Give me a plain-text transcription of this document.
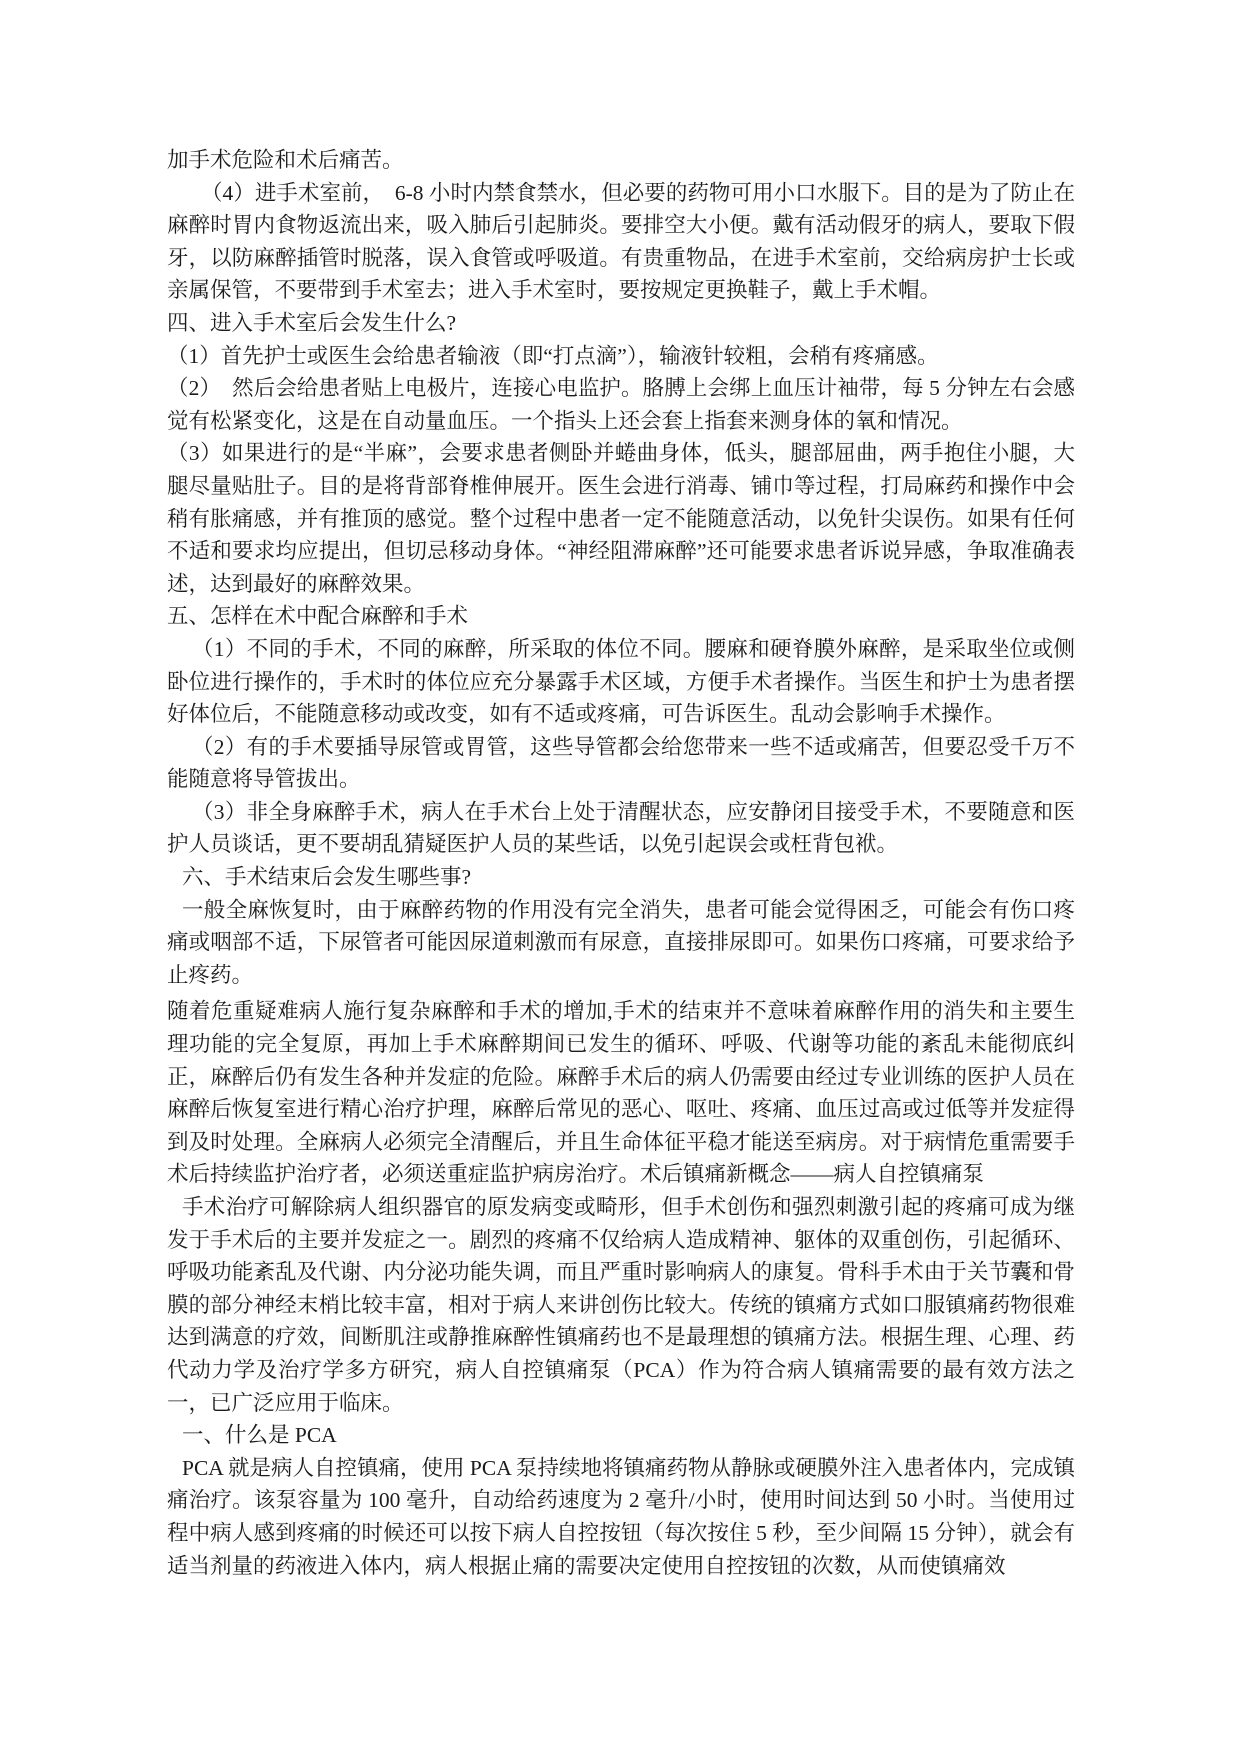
加手术危险和术后痛苦。

（4）进手术室前，　6-8 小时内禁食禁水，但必要的药物可用小口水服下。目的是为了防止在麻醉时胃内食物返流出来，吸入肺后引起肺炎。要排空大小便。戴有活动假牙的病人，要取下假牙，以防麻醉插管时脱落，误入食管或呼吸道。有贵重物品，在进手术室前，交给病房护士长或亲属保管，不要带到手术室去；进入手术室时，要按规定更换鞋子，戴上手术帽。

四、进入手术室后会发生什么?

（1）首先护士或医生会给患者输液（即“打点滴”），输液针较粗，会稍有疼痛感。

（2）　然后会给患者贴上电极片，连接心电监护。胳膊上会绑上血压计袖带，每 5 分钟左右会感觉有松紧变化，这是在自动量血压。一个指头上还会套上指套来测身体的氧和情况。

（3）如果进行的是“半麻”，会要求患者侧卧并蜷曲身体，低头，腿部屈曲，两手抱住小腿，大腿尽量贴肚子。目的是将背部脊椎伸展开。医生会进行消毒、铺巾等过程，打局麻药和操作中会稍有胀痛感，并有推顶的感觉。整个过程中患者一定不能随意活动，以免针尖误伤。如果有任何不适和要求均应提出，但切忌移动身体。“神经阻滞麻醉”还可能要求患者诉说异感，争取准确表述，达到最好的麻醉效果。

五、怎样在术中配合麻醉和手术

（1）不同的手术，不同的麻醉，所采取的体位不同。腰麻和硬脊膜外麻醉，是采取坐位或侧卧位进行操作的，手术时的体位应充分暴露手术区域，方便手术者操作。当医生和护士为患者摆好体位后，不能随意移动或改变，如有不适或疼痛，可告诉医生。乱动会影响手术操作。

（2）有的手术要插导尿管或胃管，这些导管都会给您带来一些不适或痛苦，但要忍受千万不能随意将导管拔出。

（3）非全身麻醉手术，病人在手术台上处于清醒状态，应安静闭目接受手术，不要随意和医护人员谈话，更不要胡乱猜疑医护人员的某些话，以免引起误会或枉背包袱。

六、手术结束后会发生哪些事?

一般全麻恢复时，由于麻醉药物的作用没有完全消失，患者可能会觉得困乏，可能会有伤口疼痛或咽部不适，下尿管者可能因尿道刺激而有尿意，直接排尿即可。如果伤口疼痛，可要求给予止疼药。

随着危重疑难病人施行复杂麻醉和手术的增加,手术的结束并不意味着麻醉作用的消失和主要生理功能的完全复原，再加上手术麻醉期间已发生的循环、呼吸、代谢等功能的紊乱未能彻底纠正，麻醉后仍有发生各种并发症的危险。麻醉手术后的病人仍需要由经过专业训练的医护人员在麻醉后恢复室进行精心治疗护理，麻醉后常见的恶心、呕吐、疼痛、血压过高或过低等并发症得到及时处理。全麻病人必须完全清醒后，并且生命体征平稳才能送至病房。对于病情危重需要手术后持续监护治疗者，必须送重症监护病房治疗。术后镇痛新概念——病人自控镇痛泵

手术治疗可解除病人组织器官的原发病变或畸形，但手术创伤和强烈刺激引起的疼痛可成为继发于手术后的主要并发症之一。剧烈的疼痛不仅给病人造成精神、躯体的双重创伤，引起循环、呼吸功能紊乱及代谢、内分泌功能失调，而且严重时影响病人的康复。骨科手术由于关节囊和骨膜的部分神经末梢比较丰富，相对于病人来讲创伤比较大。传统的镇痛方式如口服镇痛药物很难达到满意的疗效，间断肌注或静推麻醉性镇痛药也不是最理想的镇痛方法。根据生理、心理、药代动力学及治疗学多方研究，病人自控镇痛泵（PCA）作为符合病人镇痛需要的最有效方法之一，已广泛应用于临床。

一、什么是 PCA

PCA 就是病人自控镇痛，使用 PCA 泵持续地将镇痛药物从静脉或硬膜外注入患者体内，完成镇痛治疗。该泵容量为 100 毫升，自动给药速度为 2 毫升/小时，使用时间达到 50 小时。当使用过程中病人感到疼痛的时候还可以按下病人自控按钮（每次按住 5 秒，至少间隔 15 分钟），就会有适当剂量的药液进入体内，病人根据止痛的需要决定使用自控按钮的次数，从而使镇痛效
